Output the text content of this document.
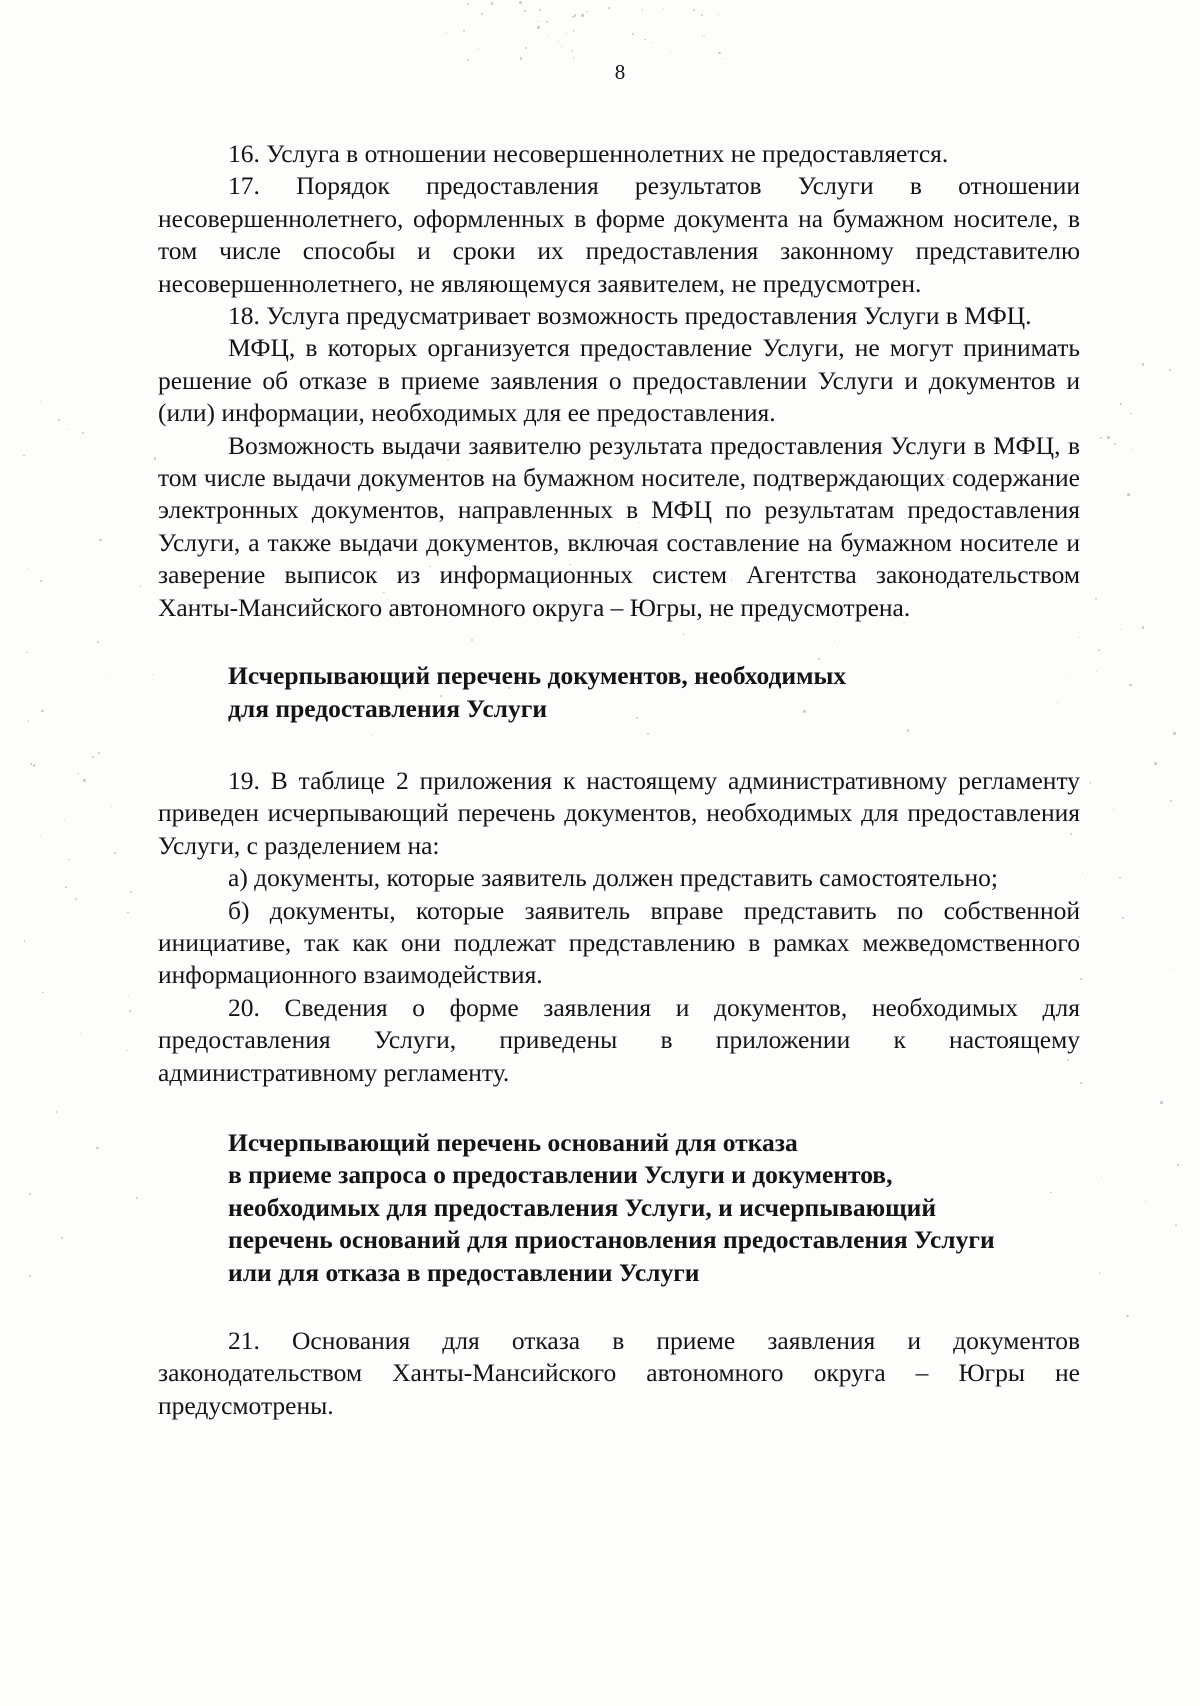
8

16. Услуга в отношении несовершеннолетних не предоставляется.

17. Порядок предоставления результатов Услуги в отношении несовершеннолетнего, оформленных в форме документа на бумажном носителе, в том числе способы и сроки их предоставления законному представителю несовершеннолетнего, не являющемуся заявителем, не предусмотрен.

18. Услуга предусматривает возможность предоставления Услуги в МФЦ.

МФЦ, в которых организуется предоставление Услуги, не могут принимать решение об отказе в приеме заявления о предоставлении Услуги и документов и (или) информации, необходимых для ее предоставления.

Возможность выдачи заявителю результата предоставления Услуги в МФЦ, в том числе выдачи документов на бумажном носителе, подтверждающих содержание электронных документов, направленных в МФЦ по результатам предоставления Услуги, а также выдачи документов, включая составление на бумажном носителе и заверение выписок из информационных систем Агентства законодательством Ханты-Мансийского автономного округа – Югры, не предусмотрена.

Исчерпывающий перечень документов, необходимых

для предоставления Услуги

19. В таблице 2 приложения к настоящему административному регламенту приведен исчерпывающий перечень документов, необходимых для предоставления Услуги, с разделением на:

а) документы, которые заявитель должен представить самостоятельно;

б) документы, которые заявитель вправе представить по собственной инициативе, так как они подлежат представлению в рамках межведомственного информационного взаимодействия.

20. Сведения о форме заявления и документов, необходимых для предоставления Услуги, приведены в приложении к настоящему административному регламенту.

Исчерпывающий перечень оснований для отказа

в приеме запроса о предоставлении Услуги и документов,

необходимых для предоставления Услуги, и исчерпывающий

перечень оснований для приостановления предоставления Услуги

или для отказа в предоставлении Услуги

21. Основания для отказа в приеме заявления и документов законодательством Ханты-Мансийского автономного округа – Югры не предусмотрены.
